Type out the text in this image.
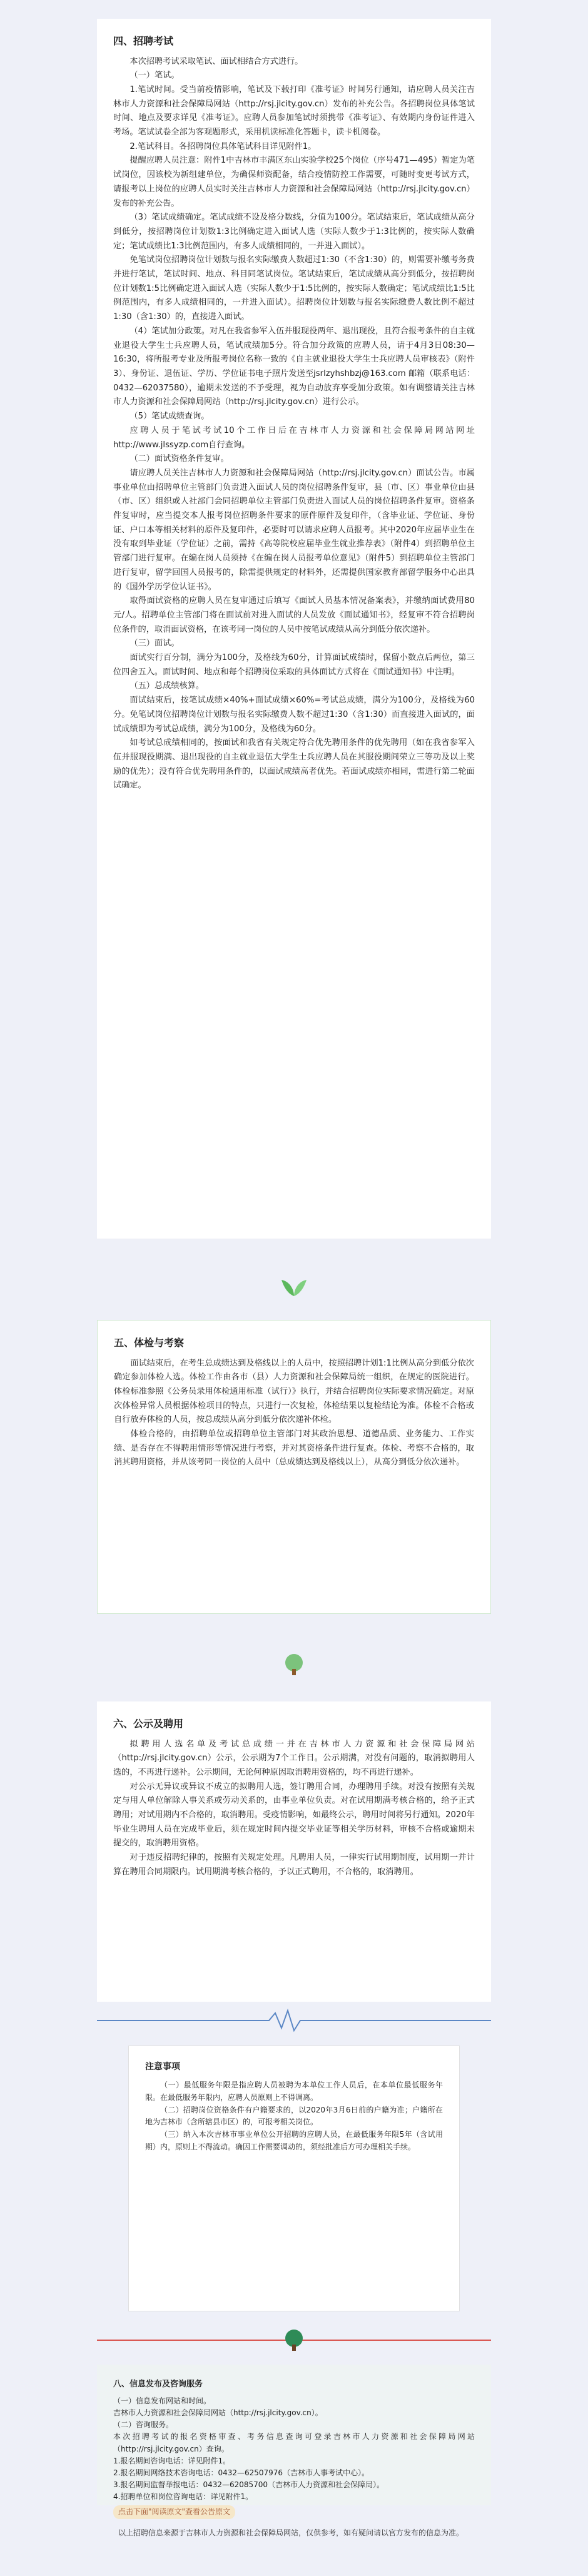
四、招聘考试

本次招聘考试采取笔试、面试相结合方式进行。

（一）笔试。

1.笔试时间。受当前疫情影响，笔试及下载打印《准考证》时间另行通知，请应聘人员关注吉林市人力资源和社会保障局网站（http://rsj.jlcity.gov.cn）发布的补充公告。各招聘岗位具体笔试时间、地点及要求详见《准考证》。应聘人员参加笔试时须携带《准考证》、有效期内身份证件进入考场。笔试试卷全部为客观题形式，采用机读标准化答题卡，读卡机阅卷。

2.笔试科目。各招聘岗位具体笔试科目详见附件1。

提醒应聘人员注意：附件1中吉林市丰满区东山实验学校25个岗位（序号471—495）暂定为笔试岗位，因该校为新组建单位，为确保师资配备，结合疫情防控工作需要，可随时变更考试方式，请报考以上岗位的应聘人员实时关注吉林市人力资源和社会保障局网站（http://rsj.jlcity.gov.cn）发布的补充公告。

（3）笔试成绩确定。笔试成绩不设及格分数线，分值为100分。笔试结束后，笔试成绩从高分到低分，按招聘岗位计划数1:3比例确定进入面试人选（实际人数少于1:3比例的，按实际人数确定；笔试成绩比1:3比例范围内，有多人成绩相同的，一并进入面试）。

免笔试岗位招聘岗位计划数与报名实际缴费人数超过1:30（不含1:30）的，则需要补缴考务费并进行笔试，笔试时间、地点、科目同笔试岗位。笔试结束后，笔试成绩从高分到低分，按招聘岗位计划数1:5比例确定进入面试人选（实际人数少于1:5比例的，按实际人数确定；笔试成绩比1:5比例范围内，有多人成绩相同的，一并进入面试）。招聘岗位计划数与报名实际缴费人数比例不超过1:30（含1:30）的，直接进入面试。

（4）笔试加分政策。对凡在我省参军入伍并服现役两年、退出现役，且符合报考条件的自主就业退役大学生士兵应聘人员，笔试成绩加5分。符合加分政策的应聘人员，请于4月3日08:30—16:30，将所报考专业及所报考岗位名称一致的《自主就业退役大学生士兵应聘人员审核表》（附件3）、身份证、退伍证、学历、学位证书电子照片发送至jsrlzyhshbzj@163.com 邮箱（联系电话：0432—62037580），逾期未发送的不予受理，视为自动放弃享受加分政策。如有调整请关注吉林市人力资源和社会保障局网站（http://rsj.jlcity.gov.cn）进行公示。

（5）笔试成绩查询。

应聘人员于笔试考试10个工作日后在吉林市人力资源和社会保障局网站网址http://www.jlssyzp.com自行查询。

（二）面试资格条件复审。

请应聘人员关注吉林市人力资源和社会保障局网站（http://rsj.jlcity.gov.cn）面试公告。市属事业单位由招聘单位主管部门负责进入面试人员的岗位招聘条件复审，县（市、区）事业单位由县（市、区）组织或人社部门会同招聘单位主管部门负责进入面试人员的岗位招聘条件复审。资格条件复审时，应当提交本人报考岗位招聘条件要求的原件原件及复印件，（含毕业证、学位证、身份证、户口本等相关材料的原件及复印件，必要时可以请求应聘人员报考。其中2020年应届毕业生在没有取到毕业证（学位证）之前，需持《高等院校应届毕业生就业推荐表》（附件4）到招聘单位主管部门进行复审。在编在岗人员须持《在编在岗人员报考单位意见》（附件5）到招聘单位主管部门进行复审，留学回国人员报考的，除需提供规定的材料外，还需提供国家教育部留学服务中心出具的《国外学历学位认证书》。

取得面试资格的应聘人员在复审通过后填写《面试人员基本情况备案表》，并缴纳面试费用80元/人。招聘单位主管部门将在面试前对进入面试的人员发放《面试通知书》，经复审不符合招聘岗位条件的，取消面试资格，在该考同一岗位的人员中按笔试成绩从高分到低分依次递补。

（三）面试。

面试实行百分制，满分为100分，及格线为60分，计算面试成绩时，保留小数点后两位，第三位四舍五入。面试时间、地点和每个招聘岗位采取的具体面试方式将在《面试通知书》中注明。

（五）总成绩核算。

面试结束后，按笔试成绩×40%+面试成绩×60%=考试总成绩，满分为100分，及格线为60分。免笔试岗位招聘岗位计划数与报名实际缴费人数不超过1:30（含1:30）而直接进入面试的，面试成绩即为考试总成绩，满分为100分，及格线为60分。

如考试总成绩相同的，按面试和我省有关规定符合优先聘用条件的优先聘用（如在我省参军入伍并服现役期满、退出现役的自主就业退伍大学生士兵应聘人员在其服役期间荣立三等功及以上奖励的优先）；没有符合优先聘用条件的，以面试成绩高者优先。若面试成绩亦相同，需进行第二轮面试确定。

五、体检与考察

面试结束后，在考生总成绩达到及格线以上的人员中，按照招聘计划1:1比例从高分到低分依次确定参加体检人选。体检工作由各市（县）人力资源和社会保障局统一组织，在规定的医院进行。体检标准参照《公务员录用体检通用标准（试行）》执行，并结合招聘岗位实际要求情况确定。对原次体检异常人员根据体检项目的特点，只进行一次复检，体检结果以复检结论为准。体检不合格或自行放弃体检的人员，按总成绩从高分到低分依次递补体检。

体检合格的，由招聘单位或招聘单位主管部门对其政治思想、道德品质、业务能力、工作实绩、是否存在不得聘用情形等情况进行考察，并对其资格条件进行复查。体检、考察不合格的，取消其聘用资格，并从该考同一岗位的人员中（总成绩达到及格线以上），从高分到低分依次递补。

六、公示及聘用

拟聘用人选名单及考试总成绩一并在吉林市人力资源和社会保障局网站（http://rsj.jlcity.gov.cn）公示，公示期为7个工作日。公示期满，对没有问题的，取消拟聘用人选的，不再进行递补。公示期间，无论何种原因取消聘用资格的，均不再进行递补。

对公示无异议或异议不成立的拟聘用人选，签订聘用合同，办理聘用手续。对没有按照有关规定与用人单位解除人事关系或劳动关系的，由事业单位负责。对在试用期满考核合格的，给予正式聘用；对试用期内不合格的，取消聘用。受疫情影响，如最终公示，聘用时间将另行通知。2020年毕业生聘用人员在完成毕业后，须在规定时间内提交毕业证等相关学历材料，审核不合格或逾期未提交的，取消聘用资格。

对于违反招聘纪律的，按照有关规定处理。凡聘用人员，一律实行试用期制度，试用期一并计算在聘用合同期限内。试用期满考核合格的，予以正式聘用，不合格的，取消聘用。

注意事项

（一）最低服务年限是指应聘人员被聘为本单位工作人员后，在本单位最低服务年限。在最低服务年限内，应聘人员原则上不得调离。

（二）招聘岗位资格条件有户籍要求的，以2020年3月6日前的户籍为准；户籍所在地为吉林市（含所辖县市区）的，可报考相关岗位。

（三）纳入本次吉林市事业单位公开招聘的应聘人员，在最低服务年限5年（含试用期）内，原则上不得流动。确因工作需要调动的，须经批准后方可办理相关手续。

八、信息发布及咨询服务

（一）信息发布网站和时间。

吉林市人力资源和社会保障局网站（http://rsj.jlcity.gov.cn）。

（二）咨询服务。

本次招聘考试的报名资格审查、考务信息查询可登录吉林市人力资源和社会保障局网站（http://rsj.jlcity.gov.cn）查询。

1.报名期间咨询电话：详见附件1。

2.报名期间网络技术咨询电话：0432—62507976（吉林市人事考试中心）。

3.报名期间监督举报电话：0432—62085700（吉林市人力资源和社会保障局）。

4.招聘单位和岗位咨询电话：详见附件1。

点击下面"阅读原文"查看公告原文

以上招聘信息来源于吉林市人力资源和社会保障局网站，仅供参考，如有疑问请以官方发布的信息为准。
